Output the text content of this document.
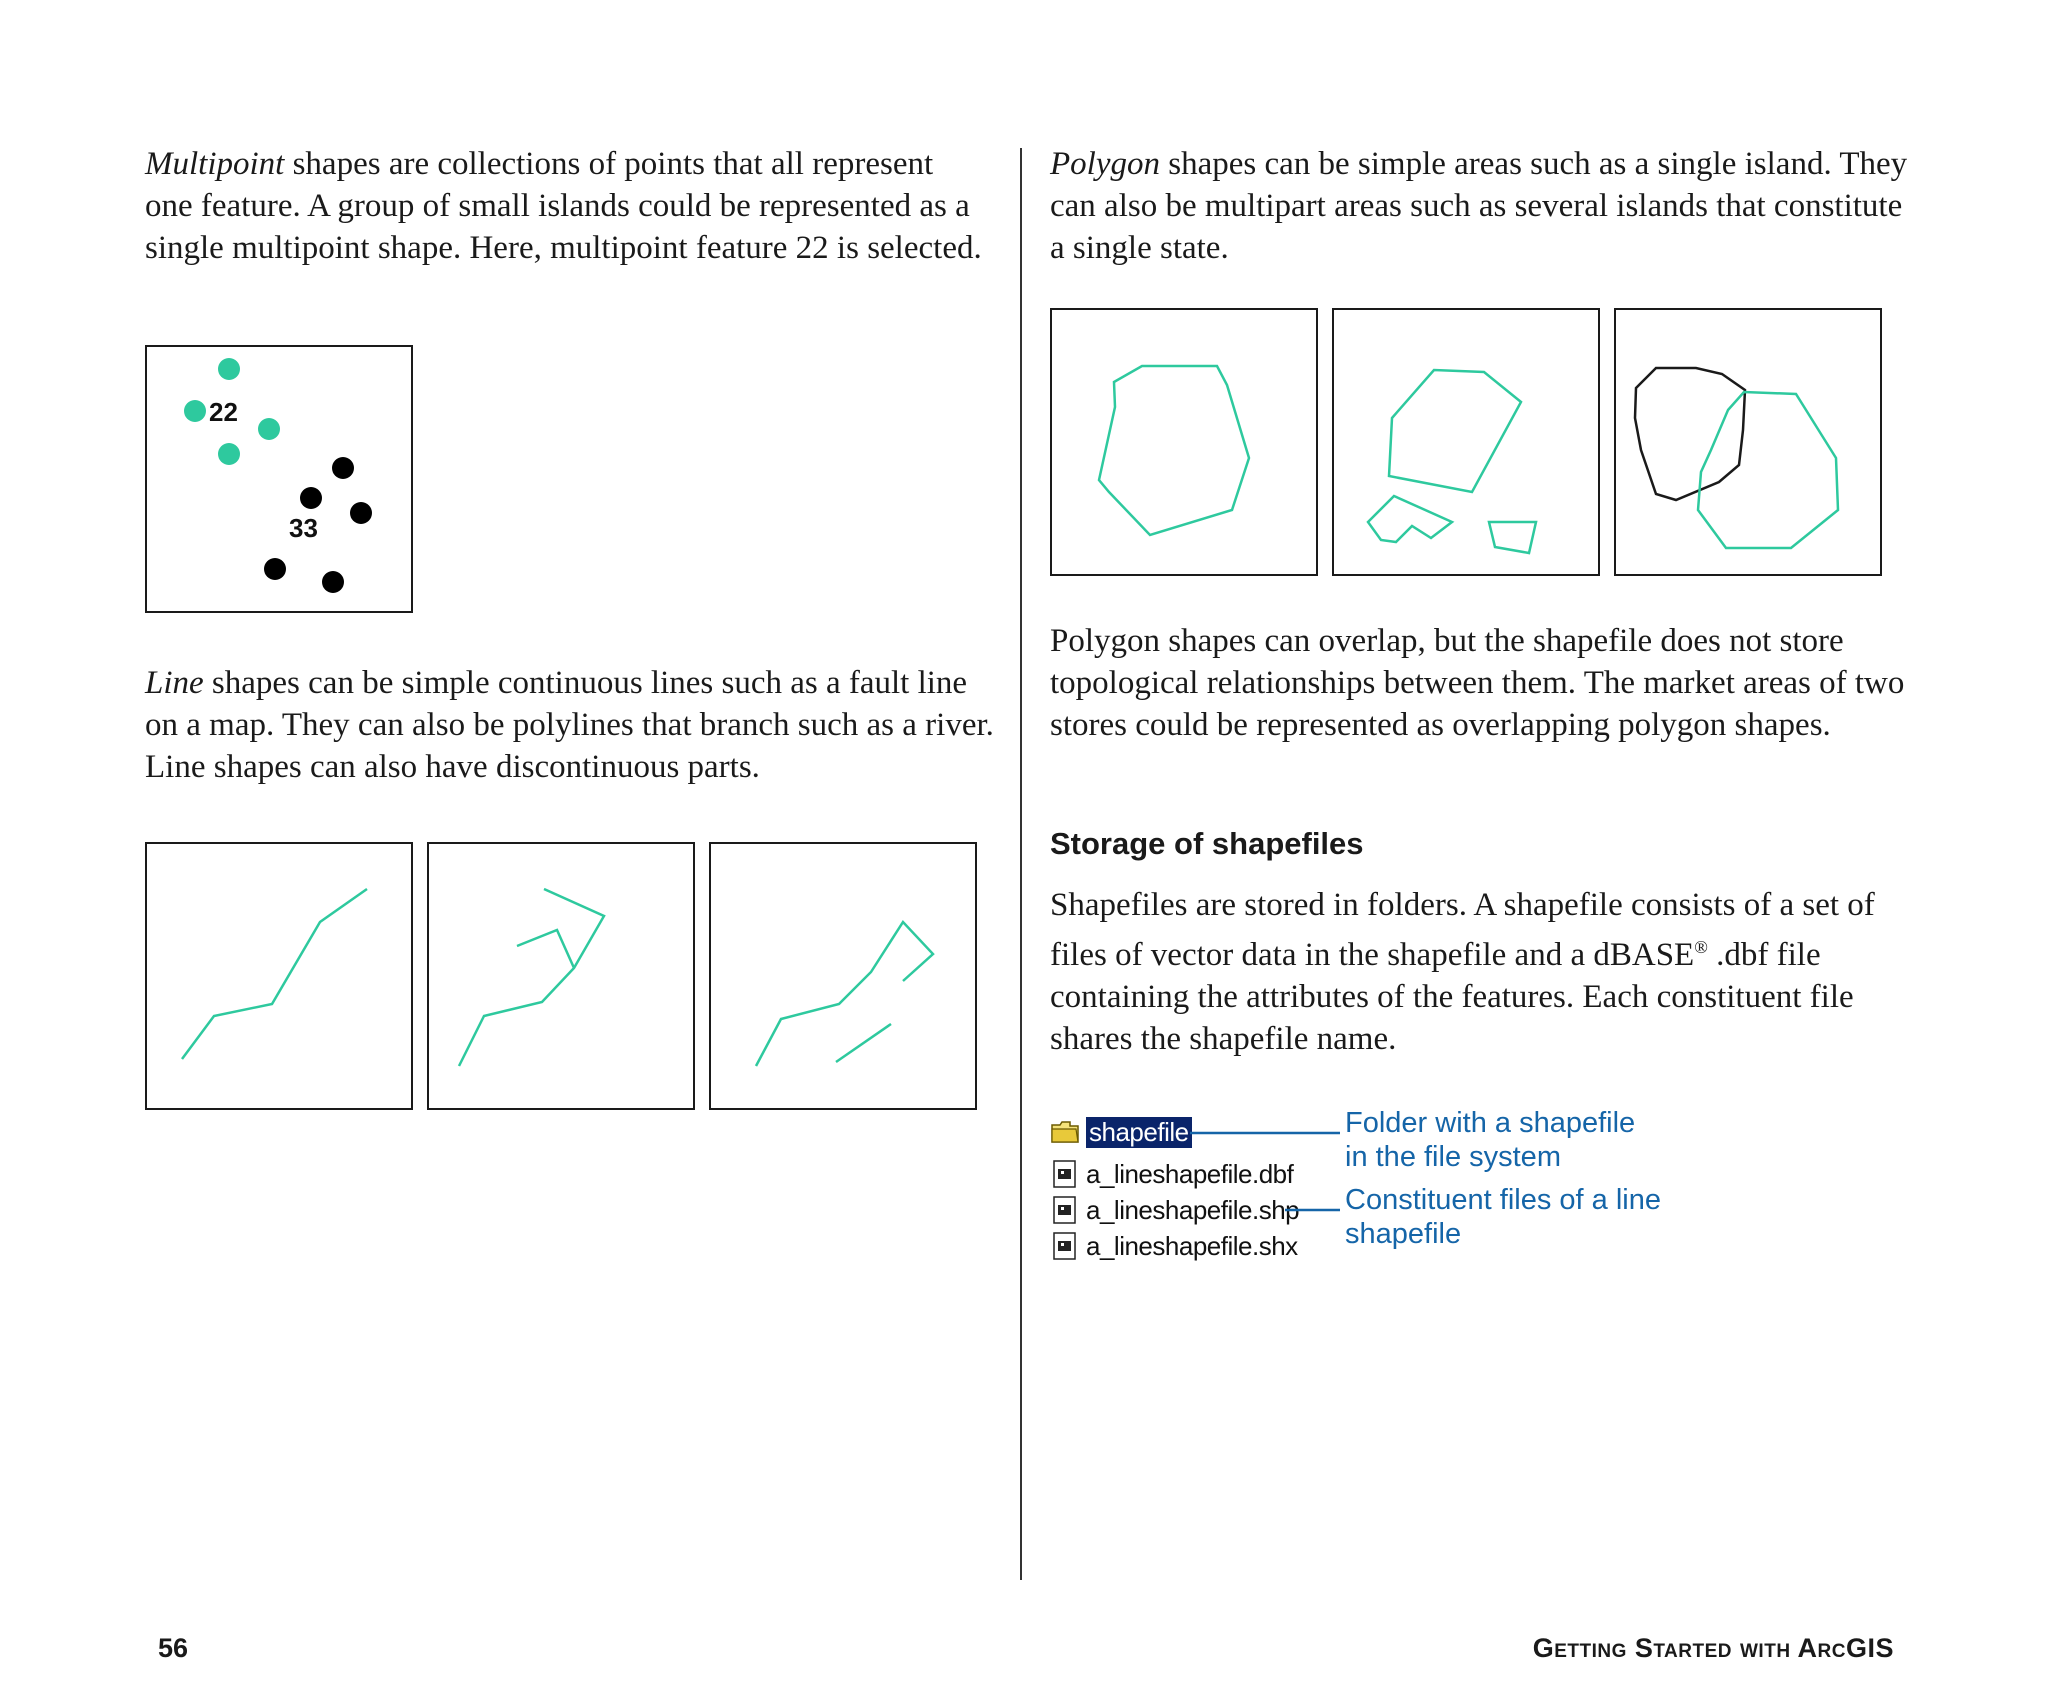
Multipoint shapes are collections of points that all represent one feature. A group of small islands could be represented as a single multipoint shape. Here, multipoint feature 22 is selected.

22
33

Line shapes can be simple continuous lines such as a fault line on a map. They can also be polylines that branch such as a river. Line shapes can also have discontinuous parts.

Polygon shapes can be simple areas such as a single island. They can also be multipart areas such as several islands that constitute a single state.

Polygon shapes can overlap, but the shapefile does not store topological relationships between them. The market areas of two stores could be represented as overlapping polygon shapes.

Storage of shapefiles

Shapefiles are stored in folders. A shapefile consists of a set of files of vector data in the shapefile and a dBASE® .dbf file containing the attributes of the features. Each constituent file shares the shapefile name.

shapefile
a_lineshapefile.dbf
a_lineshapefile.shp
a_lineshapefile.shx
Folder with a shapefile
in the file system
Constituent files of a line
shapefile
56	Getting Started with ArcGIS
